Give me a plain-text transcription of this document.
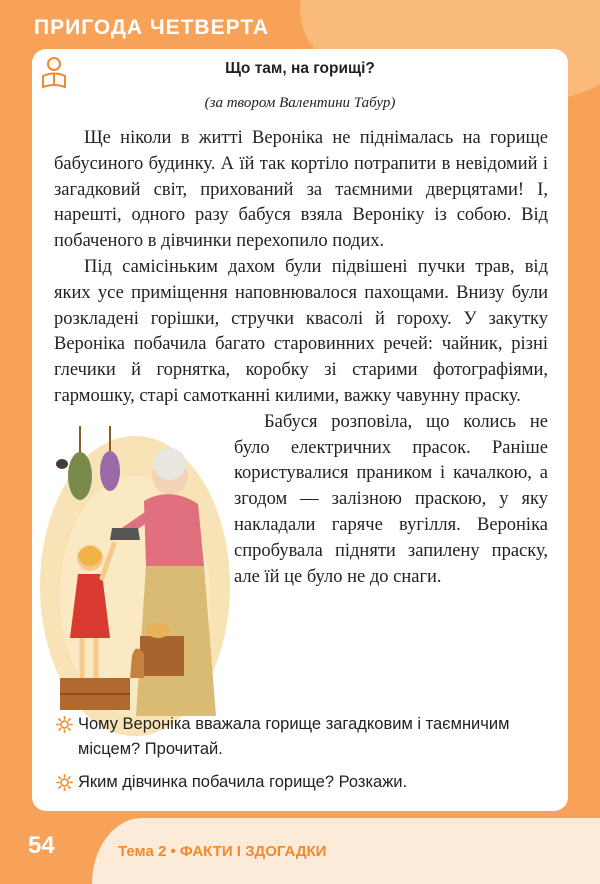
ПРИГОДА ЧЕТВЕРТА
Що там, на горищі?
(за твором Валентини Табур)

Ще ніколи в житті Вероніка не піднімалась на горище бабусиного будинку. А їй так кортіло потрапити в невідомий і загадковий світ, прихований за таємними дверцятами! І, нарешті, одного разу бабуся взяла Вероніку із собою. Від побаченого в дівчинки перехопило подих.

Під самісіньким дахом були підвішені пучки трав, від яких усе приміщення наповнювалося пахощами. Внизу були розкладені горішки, стручки квасолі й гороху. У закутку Вероніка побачила багато старовинних речей: чайник, різні глечики й горнятка, коробку зі старими фотографіями, гармошку, старі самотканні килими, важку чавунну праску.

Бабуся розповіла, що колись не було електричних прасок. Раніше користувалися праником і качалкою, а згодом — залізною праскою, у яку накладали гаряче вугілля. Вероніка спробувала підняти запилену праску, але їй це було не до снаги.

Чому Вероніка вважала горище загадковим і таємничим місцем? Прочитай.
Яким дівчинка побачила горище? Розкажи.
54	Тема 2 • ФАКТИ І ЗДОГАДКИ
